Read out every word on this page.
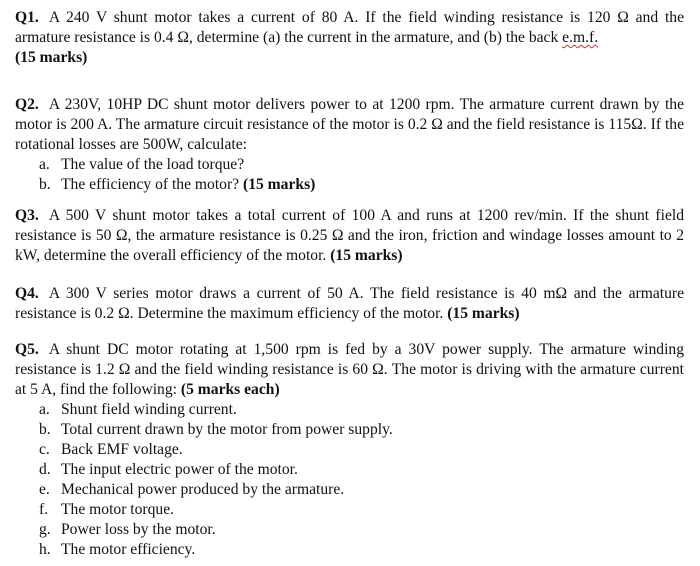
Q1. A 240 V shunt motor takes a current of 80 A. If the field winding resistance is 120 Ω and the armature resistance is 0.4 Ω, determine (a) the current in the armature, and (b) the back e.m.f.
(15 marks)

Q2. A 230V, 10HP DC shunt motor delivers power to at 1200 rpm. The armature current drawn by the motor is 200 A. The armature circuit resistance of the motor is 0.2 Ω and the field resistance is 115Ω. If the rotational losses are 500W, calculate:

a. The value of the load torque?
b. The efficiency of the motor? (15 marks)

Q3. A 500 V shunt motor takes a total current of 100 A and runs at 1200 rev/min. If the shunt field resistance is 50 Ω, the armature resistance is 0.25 Ω and the iron, friction and windage losses amount to 2 kW, determine the overall efficiency of the motor. (15 marks)

Q4. A 300 V series motor draws a current of 50 A. The field resistance is 40 mΩ and the armature resistance is 0.2 Ω. Determine the maximum efficiency of the motor. (15 marks)

Q5. A shunt DC motor rotating at 1,500 rpm is fed by a 30V power supply. The armature winding resistance is 1.2 Ω and the field winding resistance is 60 Ω. The motor is driving with the armature current at 5 A, find the following: (5 marks each)

a. Shunt field winding current.
b. Total current drawn by the motor from power supply.
c. Back EMF voltage.
d. The input electric power of the motor.
e. Mechanical power produced by the armature.
f. The motor torque.
g. Power loss by the motor.
h. The motor efficiency.
